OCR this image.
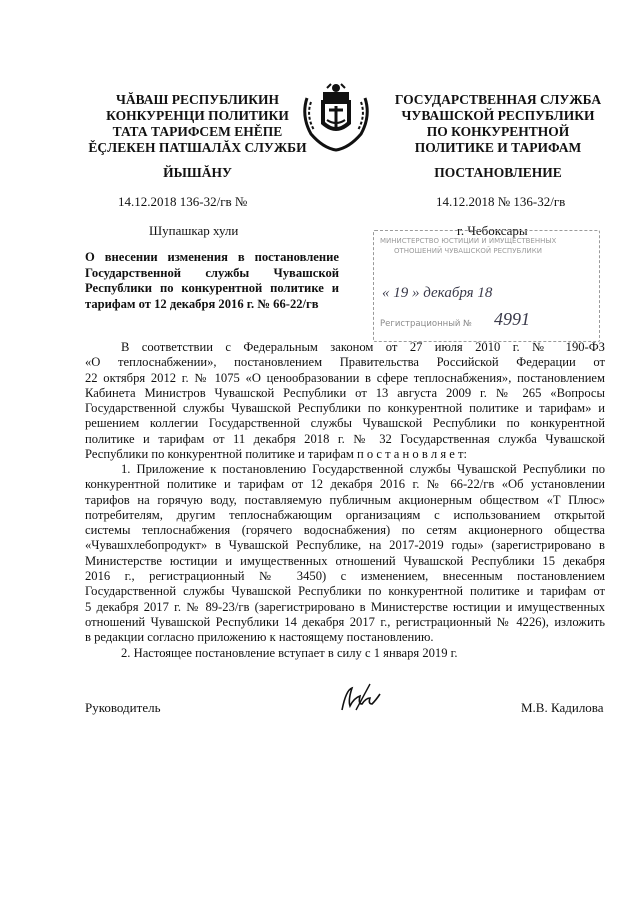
ЧĂВАШ РЕСПУБЛИКИН
КОНКУРЕНЦИ ПОЛИТИКИ
ТАТА ТАРИФСЕМ ЕНĚПЕ
ĚÇЛЕКЕН ПАТШАЛĂХ СЛУЖБИ
ЙЫШĂНУ
14.12.2018 136-32/гв №
Шупашкар хули
ГОСУДАРСТВЕННАЯ СЛУЖБА
ЧУВАШСКОЙ РЕСПУБЛИКИ
ПО КОНКУРЕНТНОЙ
ПОЛИТИКЕ И ТАРИФАМ
ПОСТАНОВЛЕНИЕ
14.12.2018 № 136-32/гв
г. Чебоксары
МИНИСТЕРСТВО ЮСТИЦИИ И ИМУЩЕСТВЕННЫХ
ОТНОШЕНИЙ ЧУВАШСКОЙ РЕСПУБЛИКИ
« 19 » декабря 18
Регистрационный № 4991
О внесении изменения в постановление
Государственной службы Чувашской
Республики по конкурентной политике и
тарифам от 12 декабря 2016 г. № 66-22/гв
В соответствии с Федеральным законом от 27 июля 2010 г. № 190-ФЗ
«О теплоснабжении», постановлением Правительства Российской Федерации от
22 октября 2012 г. № 1075 «О ценообразовании в сфере теплоснабжения», постановлением
Кабинета Министров Чувашской Республики от 13 августа 2009 г. № 265 «Вопросы
Государственной службы Чувашской Республики по конкурентной политике и тарифам» и
решением коллегии Государственной службы Чувашской Республики по конкурентной
политике и тарифам от 11 декабря 2018 г. № 32 Государственная служба Чувашской
Республики по конкурентной политике и тарифам п о с т а н о в л я е т:
1. Приложение к постановлению Государственной службы Чувашской Республики по
конкурентной политике и тарифам от 12 декабря 2016 г. № 66-22/гв «Об установлении
тарифов на горячую воду, поставляемую публичным акционерным обществом «Т Плюс»
потребителям, другим теплоснабжающим организациям с использованием открытой
системы теплоснабжения (горячего водоснабжения) по сетям акционерного общества
«Чувашхлебопродукт» в Чувашской Республике, на 2017-2019 годы» (зарегистрировано в
Министерстве юстиции и имущественных отношений Чувашской Республики 15 декабря
2016 г., регистрационный № 3450) с изменением, внесенным постановлением
Государственной службы Чувашской Республики по конкурентной политике и тарифам от
5 декабря 2017 г. № 89-23/гв (зарегистрировано в Министерстве юстиции и имущественных
отношений Чувашской Республики 14 декабря 2017 г., регистрационный № 4226), изложить
в редакции согласно приложению к настоящему постановлению.
2. Настоящее постановление вступает в силу с 1 января 2019 г.
Руководитель	М.В. Кадилова
